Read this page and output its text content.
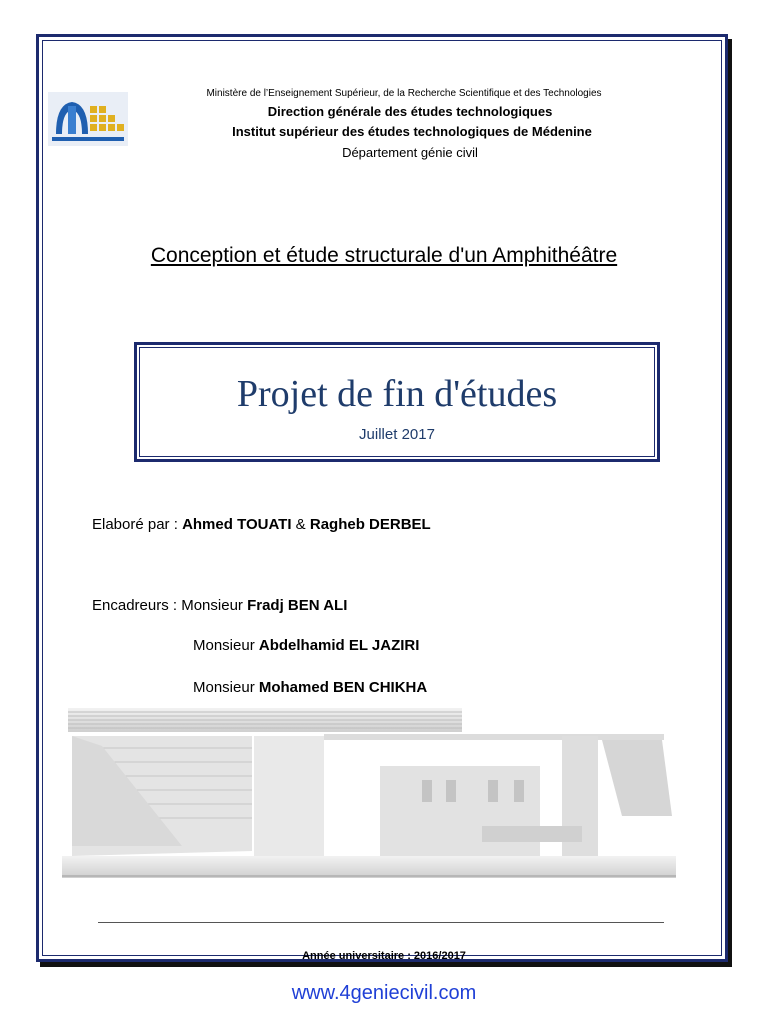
Ministère de l’Enseignement Supérieur, de la Recherche Scientifique et des Technologies
Direction générale des études technologiques
Institut supérieur des études technologiques de Médenine
Département génie civil
Conception et étude structurale d'un Amphithéâtre
Projet de fin d'études
Juillet 2017
Elaboré par : Ahmed TOUATI & Ragheb DERBEL
Encadreurs : Monsieur Fradj BEN ALI
Monsieur Abdelhamid EL JAZIRI
Monsieur Mohamed BEN CHIKHA
Année universitaire : 2016/2017
www.4geniecivil.com
